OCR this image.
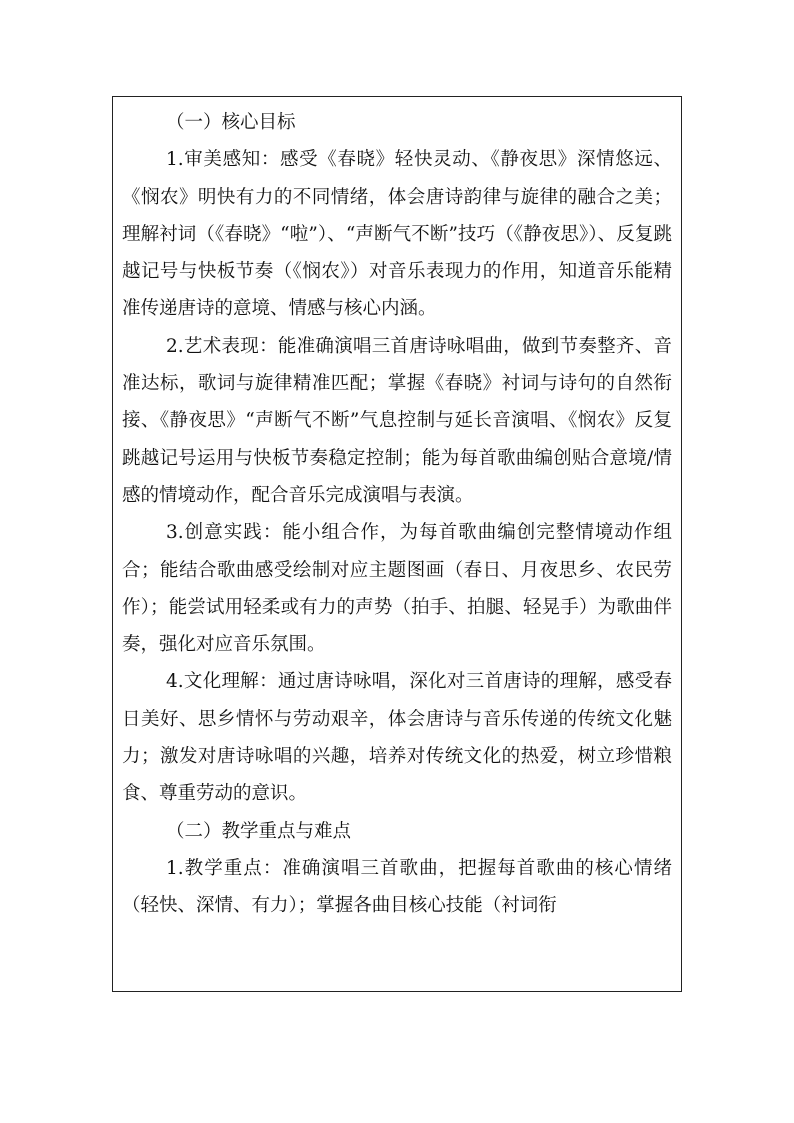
（一）核心目标

1.审美感知：感受《春晓》轻快灵动、《静夜思》深情悠远、《悯农》明快有力的不同情绪，体会唐诗韵律与旋律的融合之美；理解衬词（《春晓》“啦”）、“声断气不断”技巧（《静夜思》）、反复跳越记号与快板节奏（《悯农》）对音乐表现力的作用，知道音乐能精准传递唐诗的意境、情感与核心内涵。

2.艺术表现：能准确演唱三首唐诗咏唱曲，做到节奏整齐、音准达标，歌词与旋律精准匹配；掌握《春晓》衬词与诗句的自然衔接、《静夜思》“声断气不断”气息控制与延长音演唱、《悯农》反复跳越记号运用与快板节奏稳定控制；能为每首歌曲编创贴合意境/情感的情境动作，配合音乐完成演唱与表演。

3.创意实践：能小组合作，为每首歌曲编创完整情境动作组合；能结合歌曲感受绘制对应主题图画（春日、月夜思乡、农民劳作）；能尝试用轻柔或有力的声势（拍手、拍腿、轻晃手）为歌曲伴奏，强化对应音乐氛围。

4.文化理解：通过唐诗咏唱，深化对三首唐诗的理解，感受春日美好、思乡情怀与劳动艰辛，体会唐诗与音乐传递的传统文化魅力；激发对唐诗咏唱的兴趣，培养对传统文化的热爱，树立珍惜粮食、尊重劳动的意识。

（二）教学重点与难点

1.教学重点：准确演唱三首歌曲，把握每首歌曲的核心情绪（轻快、深情、有力）；掌握各曲目核心技能（衬词衔
